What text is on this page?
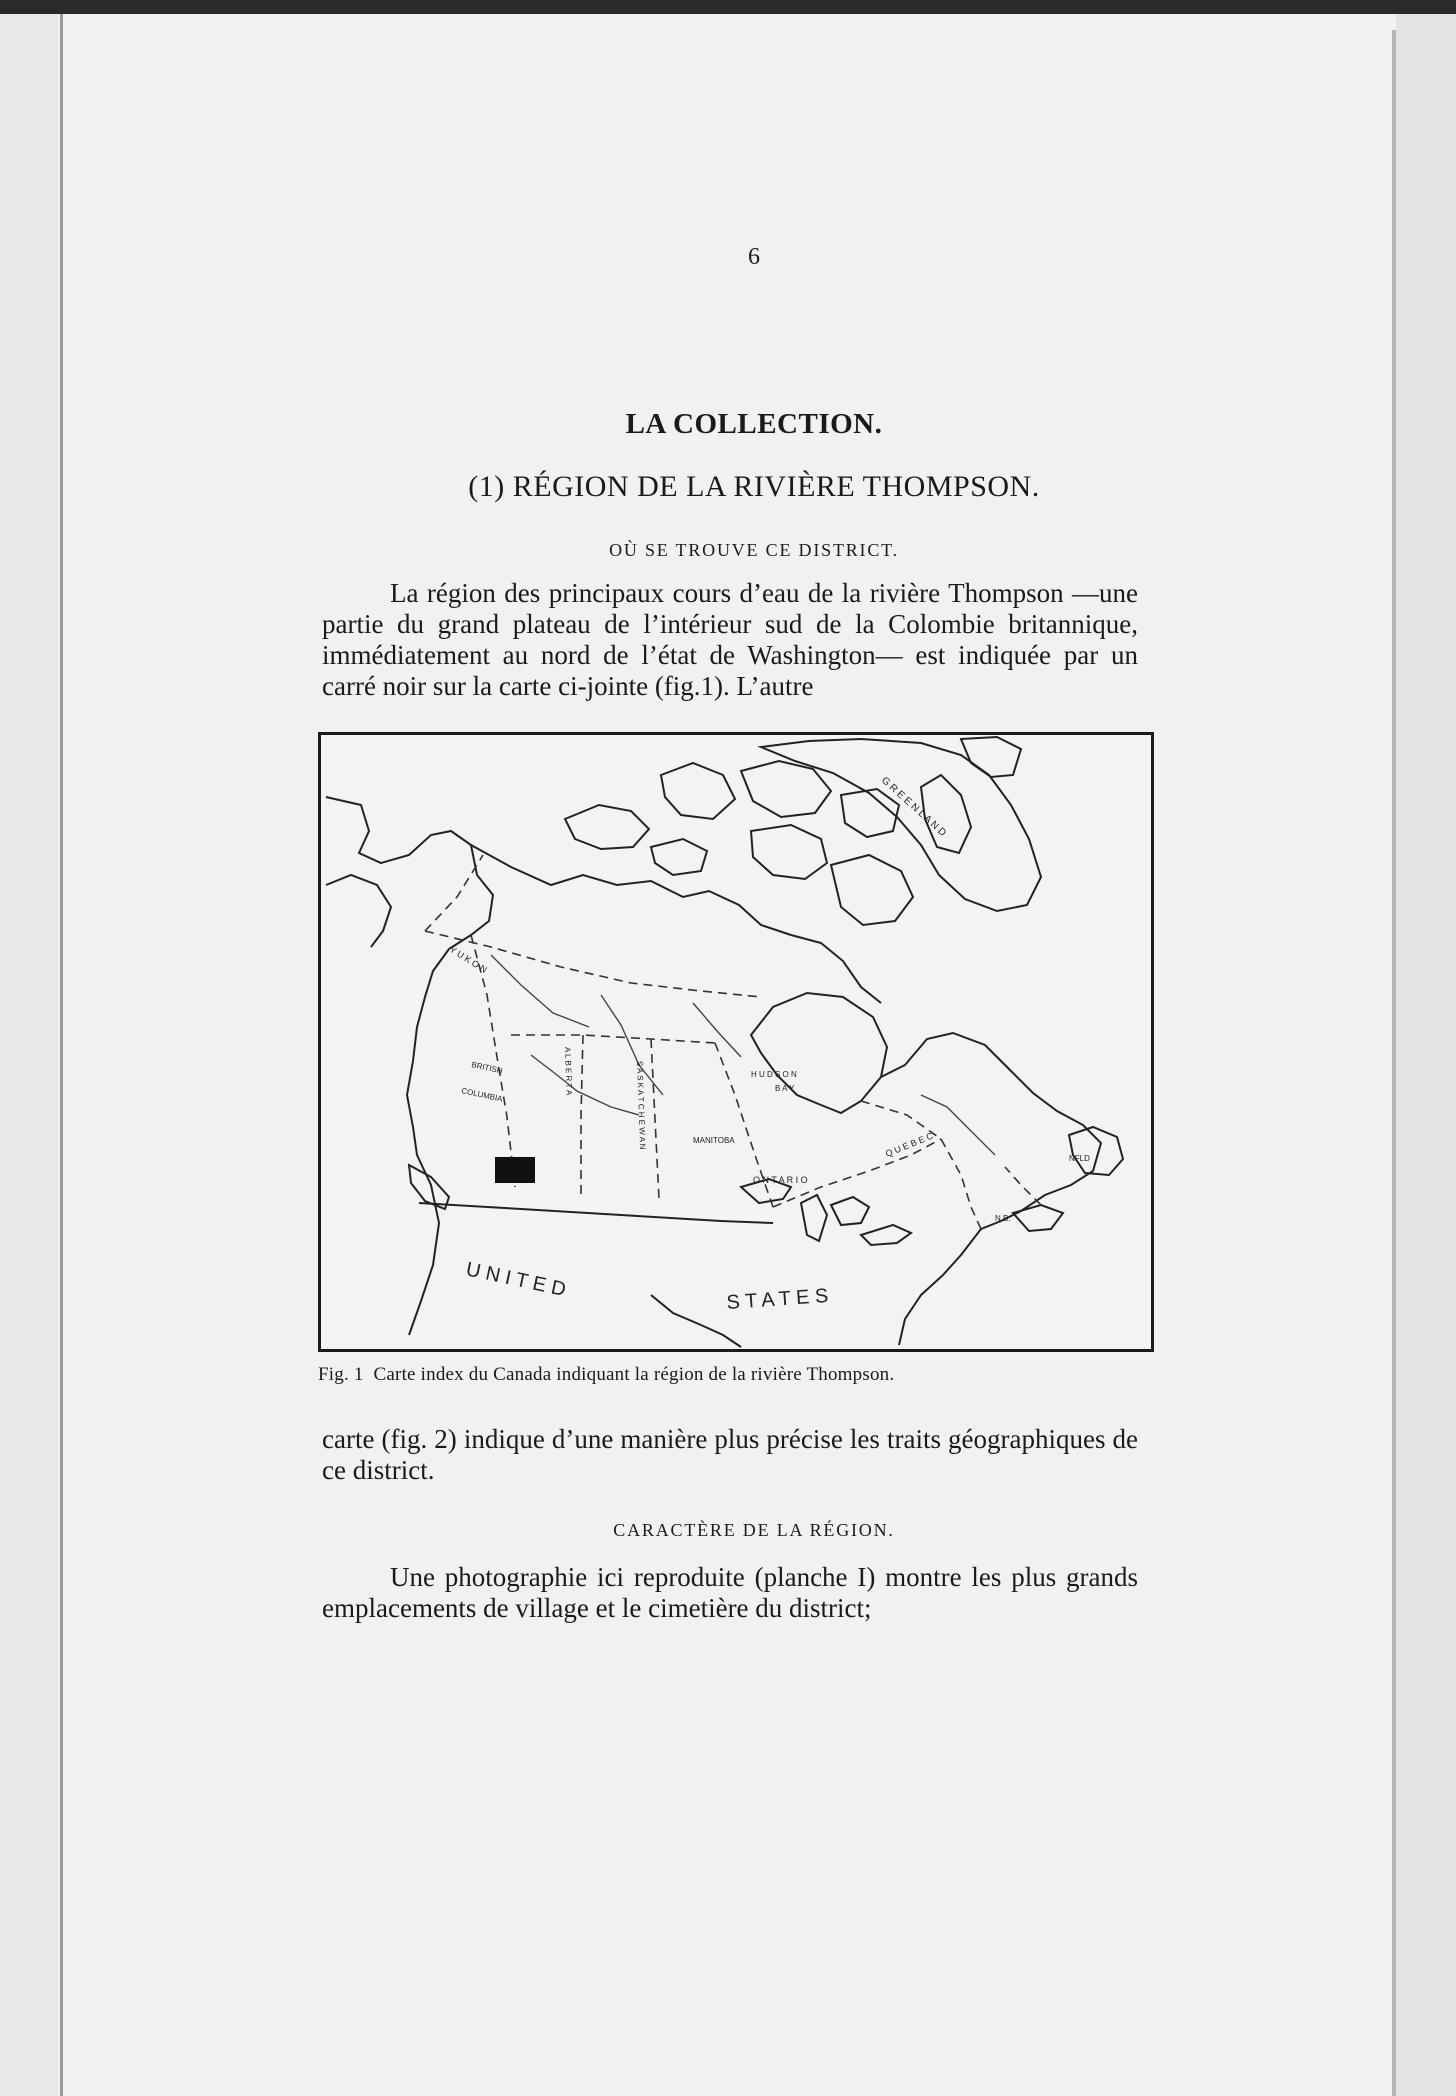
6
LA COLLECTION.
(1) RÉGION DE LA RIVIÈRE THOMPSON.
OÙ SE TROUVE CE DISTRICT.
La région des principaux cours d’eau de la rivière Thompson —une partie du grand plateau de l’intérieur sud de la Colombie britannique, immédiatement au nord de l’état de Washington— est indiquée par un carré noir sur la carte ci-jointe (fig.1). L’autre
G R E E N L A N D
Y U K O N
BRITISH
COLUMBIA	A L B E R T A	S A S K A T C H E W A N	MANITOBA
O N T A R I O
Q U E B E C
H U D S O N
B A Y
NFLD
N.B.
U N I T E D	S T A T E S
Fig. 1 Carte index du Canada indiquant la région de la rivière Thompson.
carte (fig. 2) indique d’une manière plus précise les traits géographiques de ce district.
CARACTÈRE DE LA RÉGION.
Une photographie ici reproduite (planche I) montre les plus grands emplacements de village et le cimetière du district;
